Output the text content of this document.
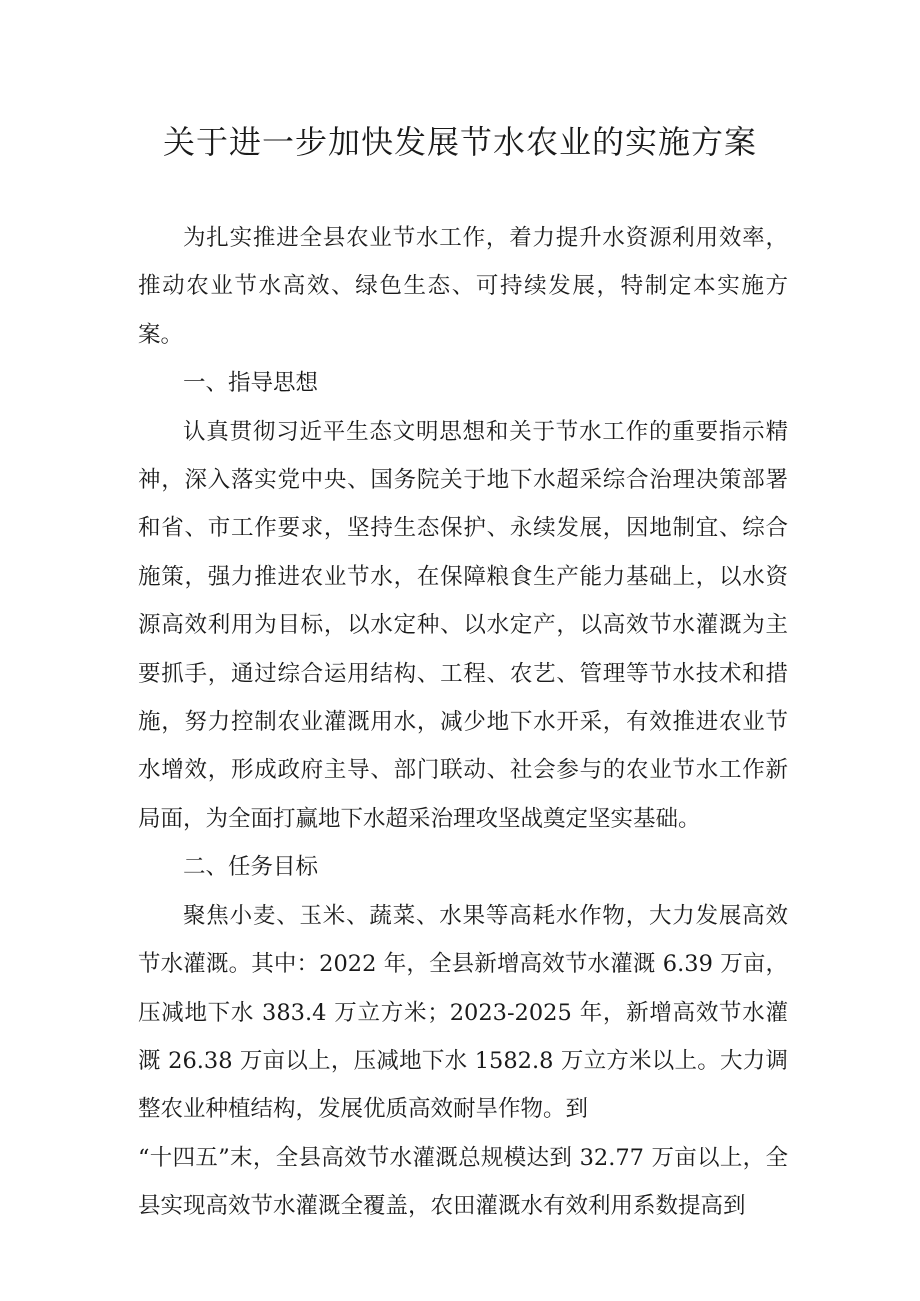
关于进一步加快发展节水农业的实施方案

为扎实推进全县农业节水工作，着力提升水资源利用效率，推动农业节水高效、绿色生态、可持续发展，特制定本实施方案。

一、指导思想

认真贯彻习近平生态文明思想和关于节水工作的重要指示精神，深入落实党中央、国务院关于地下水超采综合治理决策部署和省、市工作要求，坚持生态保护、永续发展，因地制宜、综合施策，强力推进农业节水，在保障粮食生产能力基础上，以水资源高效利用为目标，以水定种、以水定产，以高效节水灌溉为主要抓手，通过综合运用结构、工程、农艺、管理等节水技术和措施，努力控制农业灌溉用水，减少地下水开采，有效推进农业节水增效，形成政府主导、部门联动、社会参与的农业节水工作新局面，为全面打赢地下水超采治理攻坚战奠定坚实基础。

二、任务目标

聚焦小麦、玉米、蔬菜、水果等高耗水作物，大力发展高效节水灌溉。其中：2022 年，全县新增高效节水灌溉 6.39 万亩，压减地下水 383.4 万立方米；2023-2025 年，新增高效节水灌溉 26.38 万亩以上，压减地下水 1582.8 万立方米以上。大力调整农业种植结构，发展优质高效耐旱作物。到

“十四五”末，全县高效节水灌溉总规模达到 32.77 万亩以上，全县实现高效节水灌溉全覆盖，农田灌溉水有效利用系数提高到
